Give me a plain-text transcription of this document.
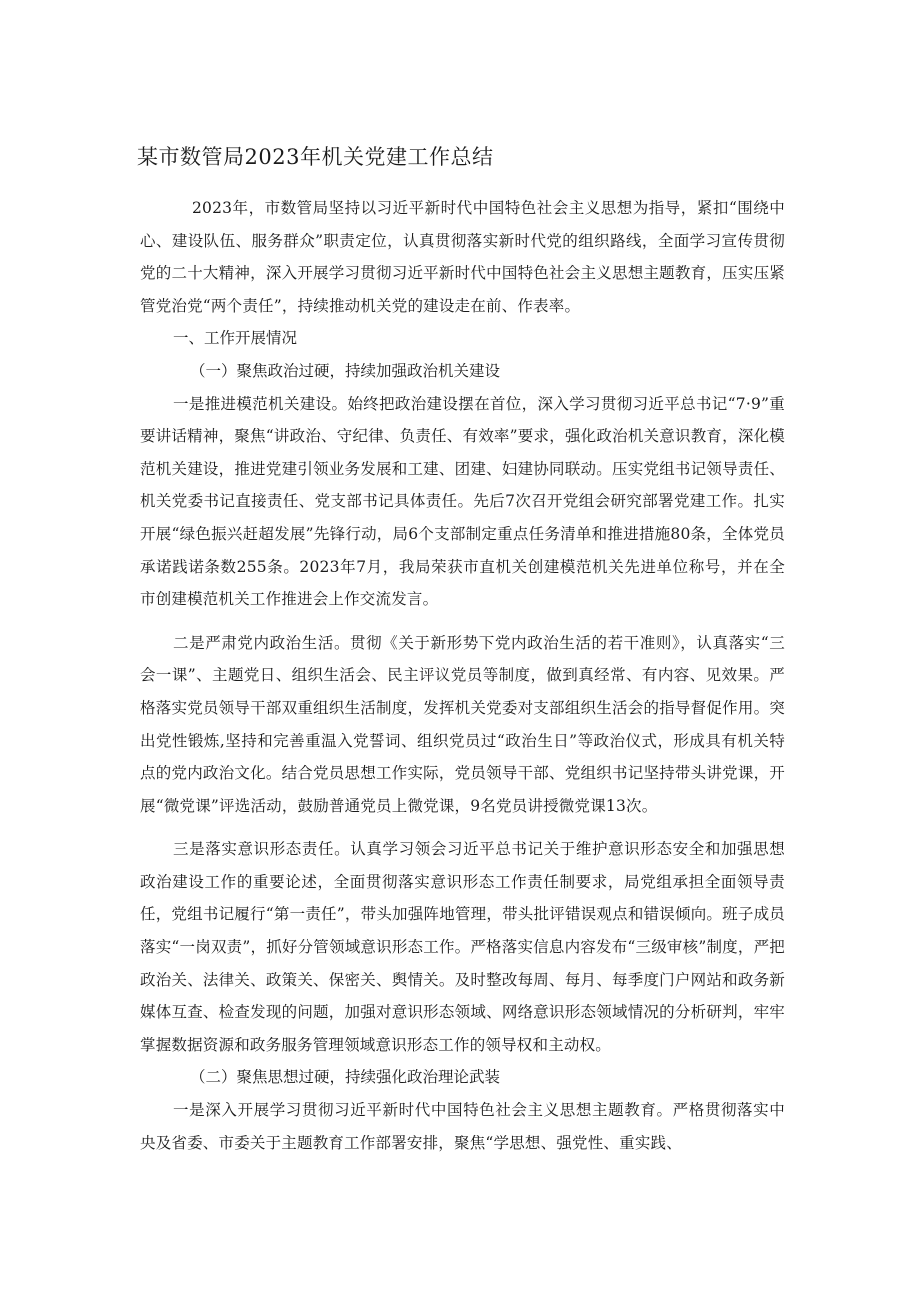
某市数管局2023年机关党建工作总结

2023年，市数管局坚持以习近平新时代中国特色社会主义思想为指导，紧扣“围绕中心、建设队伍、服务群众”职责定位，认真贯彻落实新时代党的组织路线，全面学习宣传贯彻党的二十大精神，深入开展学习贯彻习近平新时代中国特色社会主义思想主题教育，压实压紧管党治党“两个责任”，持续推动机关党的建设走在前、作表率。

一、工作开展情况

（一）聚焦政治过硬，持续加强政治机关建设

一是推进模范机关建设。始终把政治建设摆在首位，深入学习贯彻习近平总书记“7·9”重要讲话精神，聚焦“讲政治、守纪律、负责任、有效率”要求，强化政治机关意识教育，深化模范机关建设，推进党建引领业务发展和工建、团建、妇建协同联动。压实党组书记领导责任、机关党委书记直接责任、党支部书记具体责任。先后7次召开党组会研究部署党建工作。扎实开展“绿色振兴赶超发展”先锋行动，局6个支部制定重点任务清单和推进措施80条，全体党员承诺践诺条数255条。2023年7月，我局荣获市直机关创建模范机关先进单位称号，并在全市创建模范机关工作推进会上作交流发言。

二是严肃党内政治生活。贯彻《关于新形势下党内政治生活的若干准则》，认真落实“三会一课”、主题党日、组织生活会、民主评议党员等制度，做到真经常、有内容、见效果。严格落实党员领导干部双重组织生活制度，发挥机关党委对支部组织生活会的指导督促作用。突出党性锻炼,坚持和完善重温入党誓词、组织党员过“政治生日”等政治仪式，形成具有机关特点的党内政治文化。结合党员思想工作实际，党员领导干部、党组织书记坚持带头讲党课，开展“微党课”评选活动，鼓励普通党员上微党课，9名党员讲授微党课13次。

三是落实意识形态责任。认真学习领会习近平总书记关于维护意识形态安全和加强思想政治建设工作的重要论述，全面贯彻落实意识形态工作责任制要求，局党组承担全面领导责任，党组书记履行“第一责任”，带头加强阵地管理，带头批评错误观点和错误倾向。班子成员落实“一岗双责”，抓好分管领域意识形态工作。严格落实信息内容发布“三级审核”制度，严把政治关、法律关、政策关、保密关、舆情关。及时整改每周、每月、每季度门户网站和政务新媒体互查、检查发现的问题，加强对意识形态领域、网络意识形态领域情况的分析研判，牢牢掌握数据资源和政务服务管理领域意识形态工作的领导权和主动权。

（二）聚焦思想过硬，持续强化政治理论武装

一是深入开展学习贯彻习近平新时代中国特色社会主义思想主题教育。严格贯彻落实中央及省委、市委关于主题教育工作部署安排，聚焦“学思想、强党性、重实践、
